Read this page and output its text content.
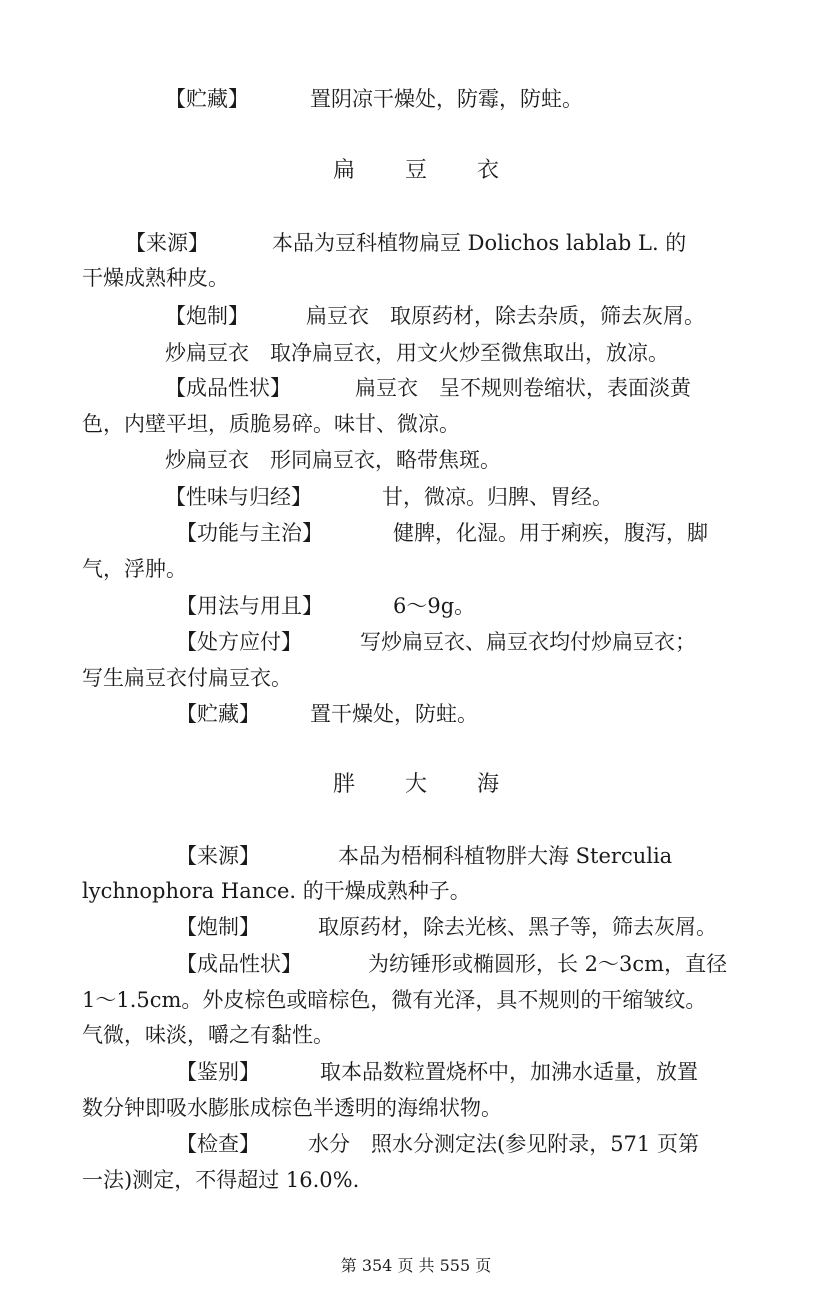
【贮藏】	置阴凉干燥处，防霉，防蛀。
扁 豆 衣
【来源】	本品为豆科植物扁豆 Dolichos lablab L. 的
干燥成熟种皮。
【炮制】	扁豆衣　取原药材，除去杂质，筛去灰屑。
炒扁豆衣　取净扁豆衣，用文火炒至微焦取出，放凉。
【成品性状】	扁豆衣　呈不规则卷缩状，表面淡黄
色，内壁平坦，质脆易碎。味甘、微凉。
炒扁豆衣　形同扁豆衣，略带焦斑。
【性味与归经】	甘，微凉。归脾、胃经。
【功能与主治】	健脾，化湿。用于痢疾，腹泻，脚
气，浮肿。
【用法与用且】	6～9g。
【处方应付】	写炒扁豆衣、扁豆衣均付炒扁豆衣；
写生扁豆衣付扁豆衣。
【贮藏】 置干燥处，防蛀。
胖 大 海
【来源】	本品为梧桐科植物胖大海 Sterculia
lychnophora Hance. 的干燥成熟种子。
【炮制】	取原药材，除去光核、黑子等，筛去灰屑。
【成品性状】	为纺锤形或椭圆形，长 2～3cm，直径
1～1.5cm。外皮棕色或暗棕色，微有光泽，具不规则的干缩皱纹。
气微，味淡，嚼之有黏性。
【鉴别】	取本品数粒置烧杯中，加沸水适量，放置
数分钟即吸水膨胀成棕色半透明的海绵状物。
【检查】 水分　照水分测定法(参见附录，571 页第
一法)测定，不得超过 16.0%.
第 354 页 共 555 页
